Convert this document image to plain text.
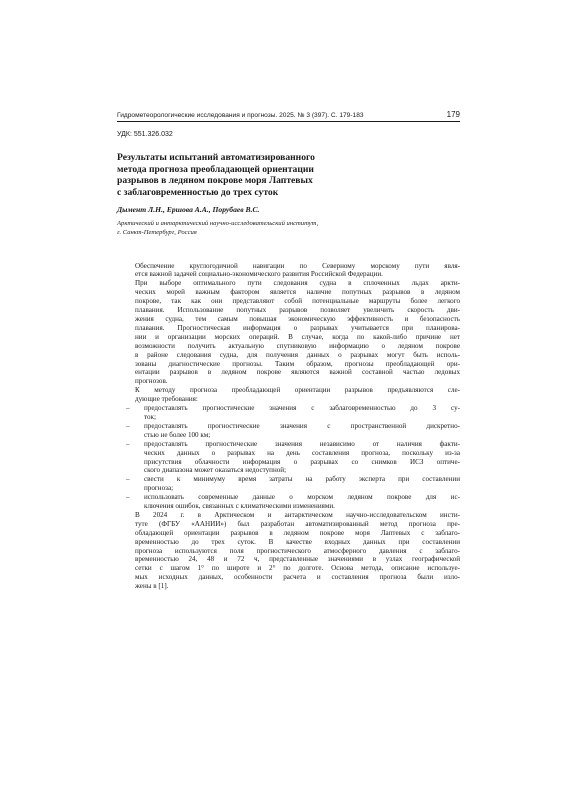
Гидрометеорологические исследования и прогнозы. 2025. № 3 (397). С. 179-183	179
УДК: 551.326.032
Результаты испытаний автоматизированного
метода прогноза преобладающей ориентации
разрывов в ледяном покрове моря Лаптевых
с заблаговременностью до трех суток
Дымент Л.Н., Ершова А.А., Порубаев В.С.
Арктический и антарктический научно-исследовательский институт,
г. Санкт-Петербург, Россия

Обеспечение круглогодичной навигации по Северному морскому пути явля-
ется важной задачей социально-экономического развития Российской Федерации.

При выборе оптимального пути следования судна в сплоченных льдах аркти-
ческих морей важным фактором является наличие попутных разрывов в ледяном
покрове, так как они представляют собой потенциальные маршруты более легкого
плавания. Использование попутных разрывов позволяет увеличить скорость дви-
жения судна, тем самым повышая экономическую эффективность и безопасность
плавания. Прогностическая информация о разрывах учитывается при планирова-
нии и организации морских операций. В случае, когда по какой-либо причине нет
возможности получить актуальную спутниковую информацию о ледяном покрове
в районе следования судна, для получения данных о разрывах могут быть исполь-
зованы диагностические прогнозы. Таким образом, прогнозы преобладающей ори-
ентации разрывов в ледяном покрове являются важной составной частью ледовых
прогнозов.

К методу прогноза преобладающей ориентации разрывов предъявляются сле-
дующие требования:

– предоставлять прогностические значения с заблаговременностью до 3 су-
ток;
– предоставлять прогностические значения с пространственной дискретно-
стью не более 100 км;
– предоставлять прогностические значения независимо от наличия факти-
ческих данных о разрывах на день составления прогноза, поскольку из-за
присутствия облачности информация о разрывах со снимков ИСЗ оптиче-
ского диапазона может оказаться недоступной;
– свести к минимуму время затраты на работу эксперта при составлении
прогноза;
– использовать современные данные о морском ледяном покрове для ис-
ключения ошибок, связанных с климатическими изменениями.

В 2024 г. в Арктическом и антарктическом научно-исследовательском инсти-
туте (ФГБУ «ААНИИ») был разработан автоматизированный метод прогноза пре-
обладающей ориентации разрывов в ледяном покрове моря Лаптевых с заблаго-
временностью до трех суток. В качестве входных данных при составлении
прогноза используются поля прогностического атмосферного давления с заблаго-
временностью 24, 48 и 72 ч, представленные значениями в узлах географической
сетки с шагом 1° по широте и 2° по долготе. Основа метода, описание используе-
мых исходных данных, особенности расчета и составления прогноза были изло-
жены в [1].
